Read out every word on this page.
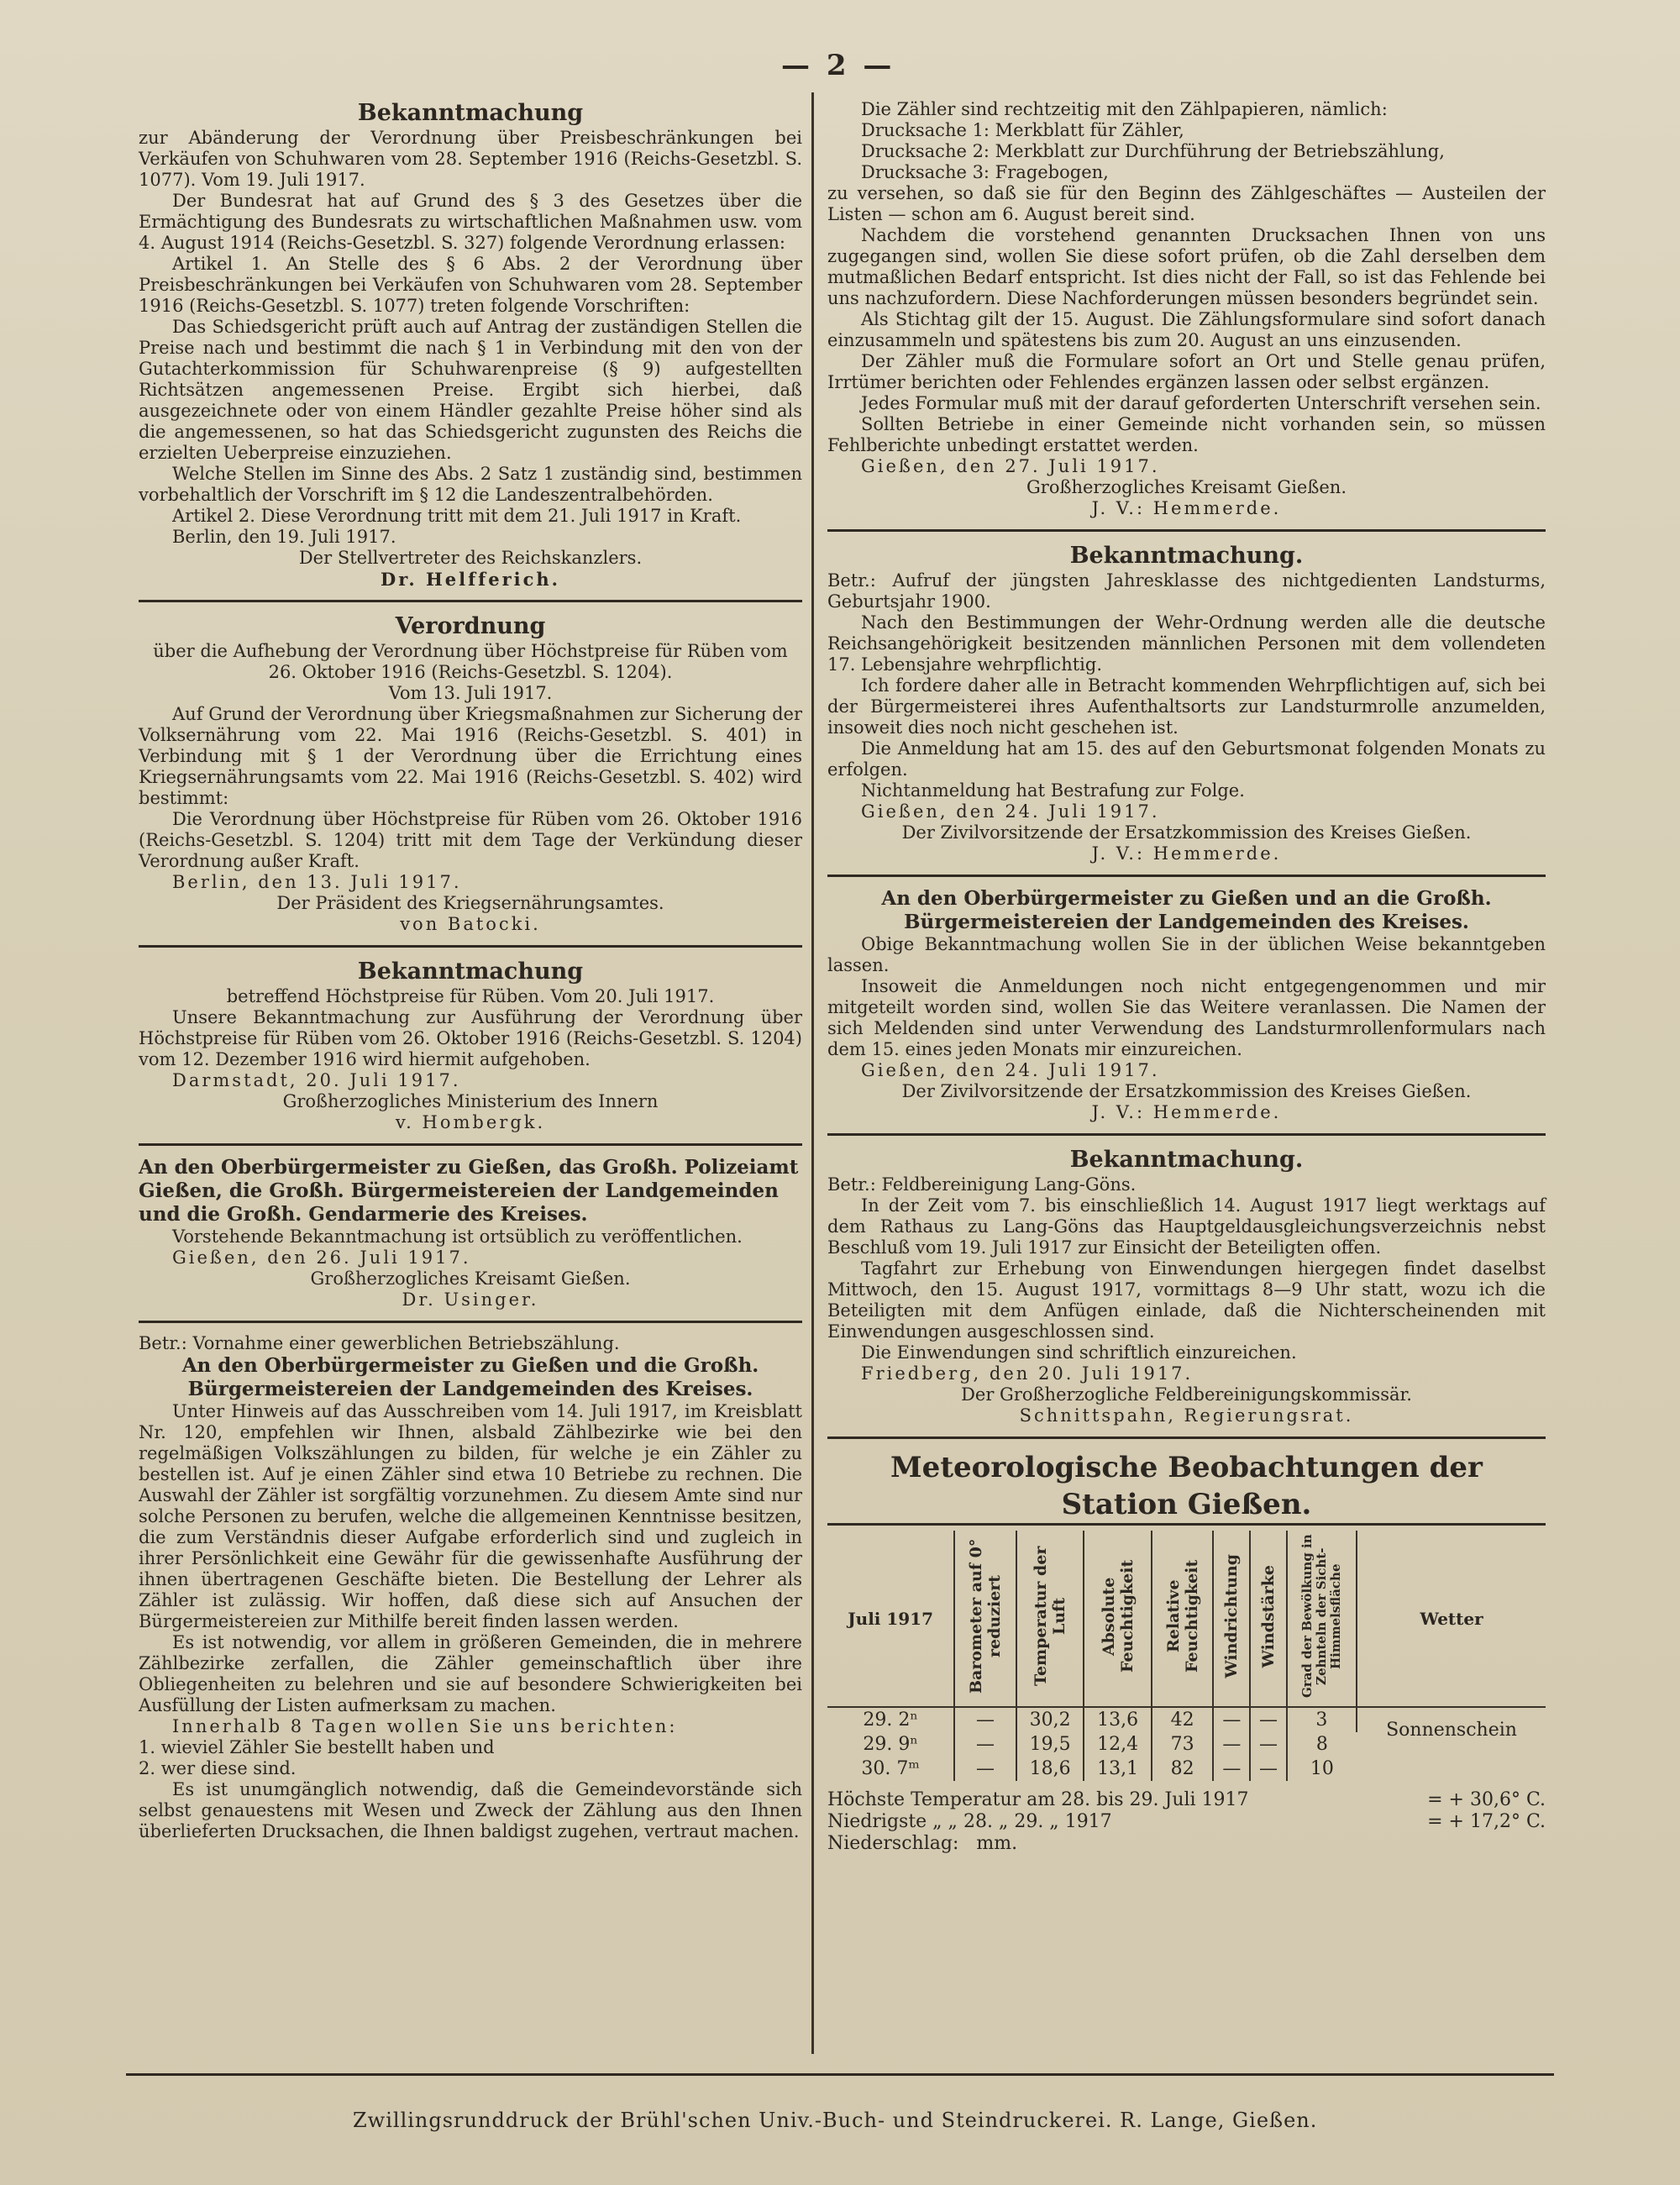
— 2 —

Bekanntmachung

zur Abänderung der Verordnung über Preisbeschränkungen bei Verkäufen von Schuhwaren vom 28. September 1916 (Reichs-Gesetzbl. S. 1077). Vom 19. Juli 1917.

Der Bundesrat hat auf Grund des § 3 des Gesetzes über die Ermächtigung des Bundesrats zu wirtschaftlichen Maßnahmen usw. vom 4. August 1914 (Reichs-Gesetzbl. S. 327) folgende Verordnung erlassen:

Artikel 1. An Stelle des § 6 Abs. 2 der Verordnung über Preisbeschränkungen bei Verkäufen von Schuhwaren vom 28. September 1916 (Reichs-Gesetzbl. S. 1077) treten folgende Vorschriften:

Das Schiedsgericht prüft auch auf Antrag der zuständigen Stellen die Preise nach und bestimmt die nach § 1 in Verbindung mit den von der Gutachterkommission für Schuhwarenpreise (§ 9) aufgestellten Richtsätzen angemessenen Preise. Ergibt sich hierbei, daß ausgezeichnete oder von einem Händler gezahlte Preise höher sind als die angemessenen, so hat das Schiedsgericht zugunsten des Reichs die erzielten Ueberpreise einzuziehen.

Welche Stellen im Sinne des Abs. 2 Satz 1 zuständig sind, bestimmen vorbehaltlich der Vorschrift im § 12 die Landeszentralbehörden.

Artikel 2. Diese Verordnung tritt mit dem 21. Juli 1917 in Kraft.

Berlin, den 19. Juli 1917.

Der Stellvertreter des Reichskanzlers.

Dr. Helfferich.

Verordnung

über die Aufhebung der Verordnung über Höchstpreise für Rüben vom 26. Oktober 1916 (Reichs-Gesetzbl. S. 1204).

Vom 13. Juli 1917.

Auf Grund der Verordnung über Kriegsmaßnahmen zur Sicherung der Volksernährung vom 22. Mai 1916 (Reichs-Gesetzbl. S. 401) in Verbindung mit § 1 der Verordnung über die Errichtung eines Kriegsernährungsamts vom 22. Mai 1916 (Reichs-Gesetzbl. S. 402) wird bestimmt:

Die Verordnung über Höchstpreise für Rüben vom 26. Oktober 1916 (Reichs-Gesetzbl. S. 1204) tritt mit dem Tage der Verkündung dieser Verordnung außer Kraft.

Berlin, den 13. Juli 1917.

Der Präsident des Kriegsernährungsamtes.

von Batocki.

Bekanntmachung

betreffend Höchstpreise für Rüben. Vom 20. Juli 1917.

Unsere Bekanntmachung zur Ausführung der Verordnung über Höchstpreise für Rüben vom 26. Oktober 1916 (Reichs-Gesetzbl. S. 1204) vom 12. Dezember 1916 wird hiermit aufgehoben.

Darmstadt, 20. Juli 1917.

Großherzogliches Ministerium des Innern

v. Hombergk.

An den Oberbürgermeister zu Gießen, das Großh. Polizeiamt Gießen, die Großh. Bürgermeistereien der Landgemeinden und die Großh. Gendarmerie des Kreises.

Vorstehende Bekanntmachung ist ortsüblich zu veröffentlichen.

Gießen, den 26. Juli 1917.

Großherzogliches Kreisamt Gießen.

Dr. Usinger.

Betr.: Vornahme einer gewerblichen Betriebszählung.

An den Oberbürgermeister zu Gießen und die Großh. Bürgermeistereien der Landgemeinden des Kreises.

Unter Hinweis auf das Ausschreiben vom 14. Juli 1917, im Kreisblatt Nr. 120, empfehlen wir Ihnen, alsbald Zählbezirke wie bei den regelmäßigen Volkszählungen zu bilden, für welche je ein Zähler zu bestellen ist. Auf je einen Zähler sind etwa 10 Betriebe zu rechnen. Die Auswahl der Zähler ist sorgfältig vorzunehmen. Zu diesem Amte sind nur solche Personen zu berufen, welche die allgemeinen Kenntnisse besitzen, die zum Verständnis dieser Aufgabe erforderlich sind und zugleich in ihrer Persönlichkeit eine Gewähr für die gewissenhafte Ausführung der ihnen übertragenen Geschäfte bieten. Die Bestellung der Lehrer als Zähler ist zulässig. Wir hoffen, daß diese sich auf Ansuchen der Bürgermeistereien zur Mithilfe bereit finden lassen werden.

Es ist notwendig, vor allem in größeren Gemeinden, die in mehrere Zählbezirke zerfallen, die Zähler gemeinschaftlich über ihre Obliegenheiten zu belehren und sie auf besondere Schwierigkeiten bei Ausfüllung der Listen aufmerksam zu machen.

Innerhalb 8 Tagen wollen Sie uns berichten:

1. wieviel Zähler Sie bestellt haben und

2. wer diese sind.

Es ist unumgänglich notwendig, daß die Gemeindevorstände sich selbst genauestens mit Wesen und Zweck der Zählung aus den Ihnen überlieferten Drucksachen, die Ihnen baldigst zugehen, vertraut machen.

Die Zähler sind rechtzeitig mit den Zählpapieren, nämlich:

Drucksache 1: Merkblatt für Zähler,

Drucksache 2: Merkblatt zur Durchführung der Betriebszählung,

Drucksache 3: Fragebogen,

zu versehen, so daß sie für den Beginn des Zählgeschäftes — Austeilen der Listen — schon am 6. August bereit sind.

Nachdem die vorstehend genannten Drucksachen Ihnen von uns zugegangen sind, wollen Sie diese sofort prüfen, ob die Zahl derselben dem mutmaßlichen Bedarf entspricht. Ist dies nicht der Fall, so ist das Fehlende bei uns nachzufordern. Diese Nachforderungen müssen besonders begründet sein.

Als Stichtag gilt der 15. August. Die Zählungsformulare sind sofort danach einzusammeln und spätestens bis zum 20. August an uns einzusenden.

Der Zähler muß die Formulare sofort an Ort und Stelle genau prüfen, Irrtümer berichten oder Fehlendes ergänzen lassen oder selbst ergänzen.

Jedes Formular muß mit der darauf geforderten Unterschrift versehen sein.

Sollten Betriebe in einer Gemeinde nicht vorhanden sein, so müssen Fehlberichte unbedingt erstattet werden.

Gießen, den 27. Juli 1917.

Großherzogliches Kreisamt Gießen.

J. V.: Hemmerde.

Bekanntmachung.

Betr.: Aufruf der jüngsten Jahresklasse des nichtgedienten Landsturms, Geburtsjahr 1900.

Nach den Bestimmungen der Wehr-Ordnung werden alle die deutsche Reichsangehörigkeit besitzenden männlichen Personen mit dem vollendeten 17. Lebensjahre wehrpflichtig.

Ich fordere daher alle in Betracht kommenden Wehrpflichtigen auf, sich bei der Bürgermeisterei ihres Aufenthaltsorts zur Landsturmrolle anzumelden, insoweit dies noch nicht geschehen ist.

Die Anmeldung hat am 15. des auf den Geburtsmonat folgenden Monats zu erfolgen.

Nichtanmeldung hat Bestrafung zur Folge.

Gießen, den 24. Juli 1917.

Der Zivilvorsitzende der Ersatzkommission des Kreises Gießen.

J. V.: Hemmerde.

An den Oberbürgermeister zu Gießen und an die Großh. Bürgermeistereien der Landgemeinden des Kreises.

Obige Bekanntmachung wollen Sie in der üblichen Weise bekanntgeben lassen.

Insoweit die Anmeldungen noch nicht entgegengenommen und mir mitgeteilt worden sind, wollen Sie das Weitere veranlassen. Die Namen der sich Meldenden sind unter Verwendung des Landsturmrollenformulars nach dem 15. eines jeden Monats mir einzureichen.

Gießen, den 24. Juli 1917.

Der Zivilvorsitzende der Ersatzkommission des Kreises Gießen.

J. V.: Hemmerde.

Bekanntmachung.

Betr.: Feldbereinigung Lang-Göns.

In der Zeit vom 7. bis einschließlich 14. August 1917 liegt werktags auf dem Rathaus zu Lang-Göns das Hauptgeldausgleichungsverzeichnis nebst Beschluß vom 19. Juli 1917 zur Einsicht der Beteiligten offen.

Tagfahrt zur Erhebung von Einwendungen hiergegen findet daselbst Mittwoch, den 15. August 1917, vormittags 8—9 Uhr statt, wozu ich die Beteiligten mit dem Anfügen einlade, daß die Nichterscheinenden mit Einwendungen ausgeschlossen sind.

Die Einwendungen sind schriftlich einzureichen.

Friedberg, den 20. Juli 1917.

Der Großherzogliche Feldbereinigungskommissär.

Schnittspahn, Regierungsrat.

Meteorologische Beobachtungen der Station Gießen.

Juli 1917	Barometer auf 0° reduziert	Temperatur der Luft	Absolute Feuchtigkeit	Relative Feuchtigkeit	Windrichtung	Windstärke	Grad der Bewölkung in Zehnteln der Sicht-Himmelsfläche	Wetter
29. 2ⁿ	—	30,2	13,6	42	—	—	3	Sonnenschein
29. 9ⁿ	—	19,5	12,4	73	—	—	8	
30. 7ᵐ	—	18,6	13,1	82	—	—	10	
Höchste Temperatur am 28. bis 29. Juli 1917	= + 30,6° C.
Niedrigste „ „ 28. „ 29. „ 1917	= + 17,2° C.
Niederschlag:
mm.
Zwillingsrunddruck der Brühl'schen Univ.-Buch- und Steindruckerei. R. Lange, Gießen.
